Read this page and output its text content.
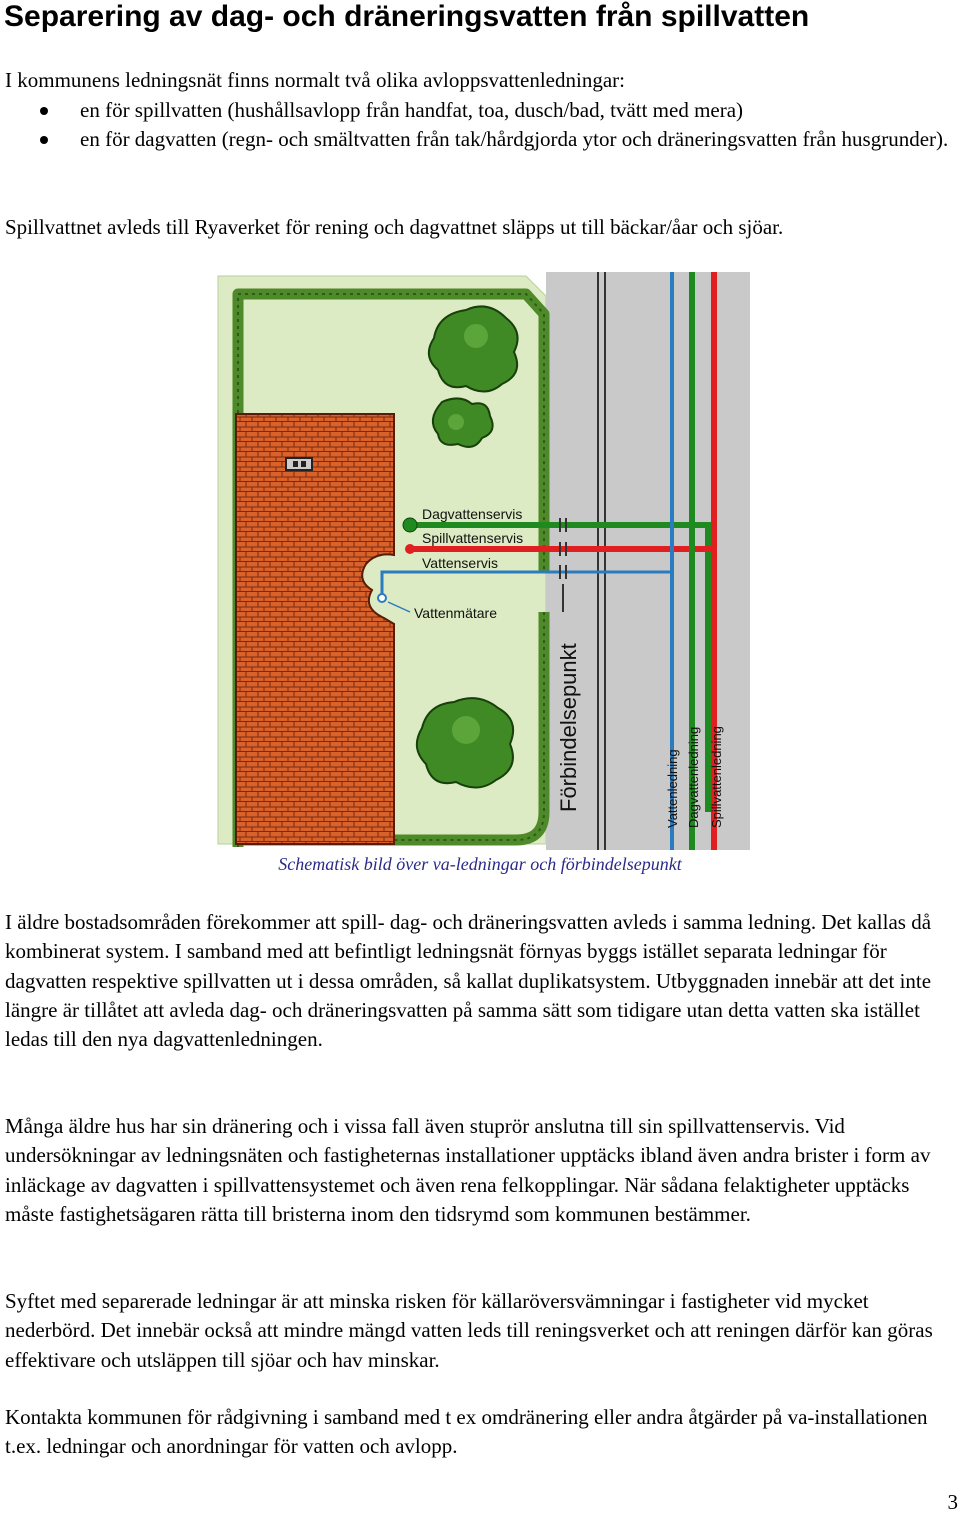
Separering av dag- och dräneringsvatten från spillvatten

I kommunens ledningsnät finns normalt två olika avloppsvattenledningar:

en för spillvatten (hushållsavlopp från handfat, toa, dusch/bad, tvätt med mera)
en för dagvatten (regn- och smältvatten från tak/hårdgjorda ytor och dräneringsvatten från husgrunder).

Spillvattnet avleds till Ryaverket för rening och dagvattnet släpps ut till bäckar/åar och sjöar.

Dagvattenservis
Spillvattenservis
Vattenservis
Vattenmätare
Förbindelsepunkt	Vattenledning Dagvattenledning Spillvattenledning
Schematisk bild över va-ledningar och förbindelsepunkt

I äldre bostadsområden förekommer att spill- dag- och dräneringsvatten avleds i samma ledning. Det kallas då kombinerat system. I samband med att befintligt ledningsnät förnyas byggs istället separata ledningar för dagvatten respektive spillvatten ut i dessa områden, så kallat duplikatsystem. Utbyggnaden innebär att det inte längre är tillåtet att avleda dag- och dräneringsvatten på samma sätt som tidigare utan detta vatten ska istället ledas till den nya dagvattenledningen.

Många äldre hus har sin dränering och i vissa fall även stuprör anslutna till sin spillvattenservis. Vid undersökningar av ledningsnäten och fastigheternas installationer upptäcks ibland även andra brister i form av inläckage av dagvatten i spillvattensystemet och även rena felkopplingar. När sådana felaktigheter upptäcks måste fastighetsägaren rätta till bristerna inom den tidsrymd som kommunen bestämmer.

Syftet med separerade ledningar är att minska risken för källaröversvämningar i fastigheter vid mycket nederbörd. Det innebär också att mindre mängd vatten leds till reningsverket och att reningen därför kan göras effektivare och utsläppen till sjöar och hav minskar.

Kontakta kommunen för rådgivning i samband med t ex omdränering eller andra åtgärder på va-installationen t.ex. ledningar och anordningar för vatten och avlopp.

3
